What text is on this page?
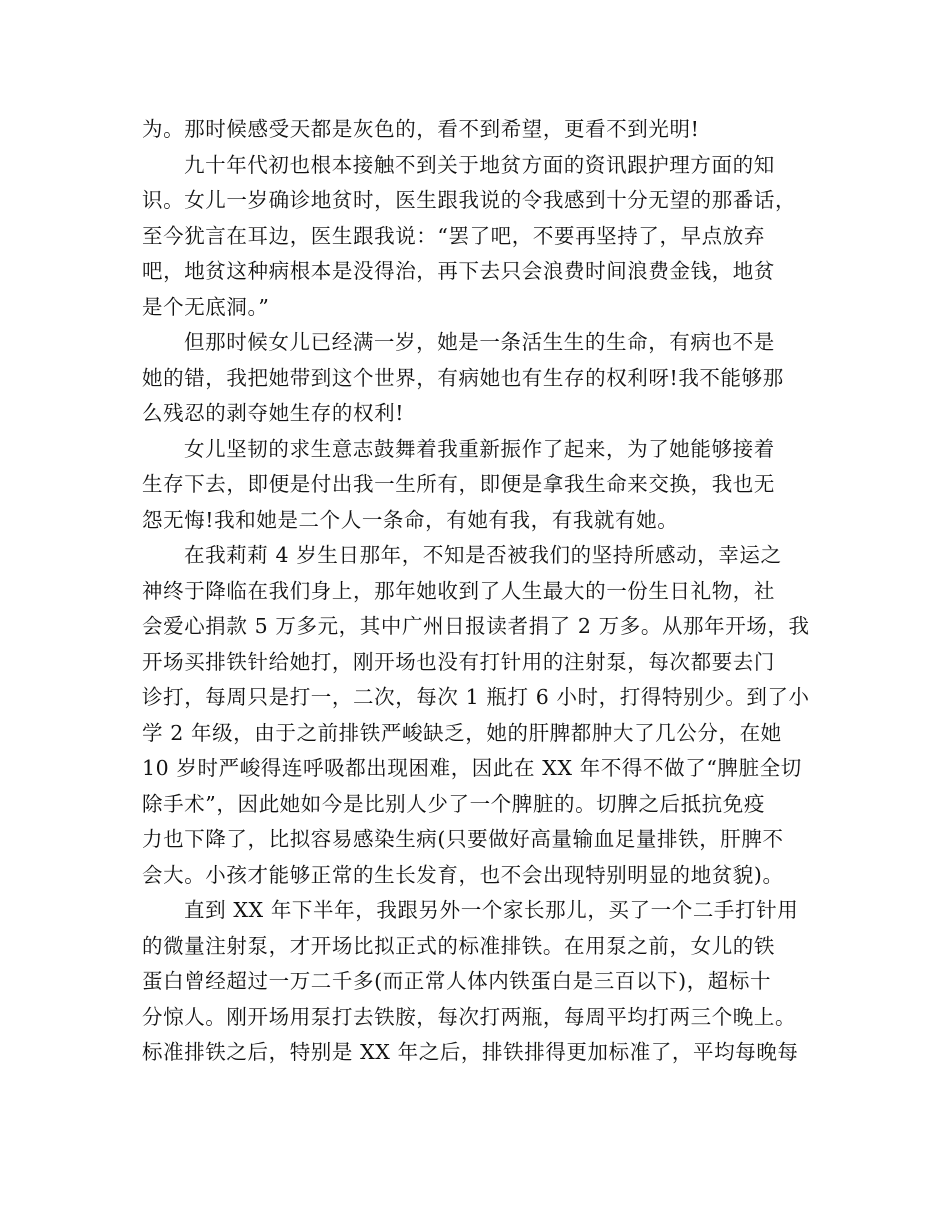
为。那时候感受天都是灰色的，看不到希望，更看不到光明!
九十年代初也根本接触不到关于地贫方面的资讯跟护理方面的知
识。女儿一岁确诊地贫时，医生跟我说的令我感到十分无望的那番话，
至今犹言在耳边，医生跟我说：“罢了吧，不要再坚持了，早点放弃
吧，地贫这种病根本是没得治，再下去只会浪费时间浪费金钱，地贫
是个无底洞。”
但那时候女儿已经满一岁，她是一条活生生的生命，有病也不是
她的错，我把她带到这个世界，有病她也有生存的权利呀!我不能够那
么残忍的剥夺她生存的权利!
女儿坚韧的求生意志鼓舞着我重新振作了起来，为了她能够接着
生存下去，即便是付出我一生所有，即便是拿我生命来交换，我也无
怨无悔!我和她是二个人一条命，有她有我，有我就有她。
在我莉莉 4 岁生日那年，不知是否被我们的坚持所感动，幸运之
神终于降临在我们身上，那年她收到了人生最大的一份生日礼物，社
会爱心捐款 5 万多元，其中广州日报读者捐了 2 万多。从那年开场，我
开场买排铁针给她打，刚开场也没有打针用的注射泵，每次都要去门
诊打，每周只是打一，二次，每次 1 瓶打 6 小时，打得特别少。到了小
学 2 年级，由于之前排铁严峻缺乏，她的肝脾都肿大了几公分，在她
10 岁时严峻得连呼吸都出现困难，因此在 XX 年不得不做了“脾脏全切
除手术”，因此她如今是比别人少了一个脾脏的。切脾之后抵抗免疫
力也下降了，比拟容易感染生病(只要做好高量输血足量排铁，肝脾不
会大。小孩才能够正常的生长发育，也不会出现特别明显的地贫貌)。
直到 XX 年下半年，我跟另外一个家长那儿，买了一个二手打针用
的微量注射泵，才开场比拟正式的标准排铁。在用泵之前，女儿的铁
蛋白曾经超过一万二千多(而正常人体内铁蛋白是三百以下)，超标十
分惊人。刚开场用泵打去铁胺，每次打两瓶，每周平均打两三个晚上。
标准排铁之后，特别是 XX 年之后，排铁排得更加标准了，平均每晚每
